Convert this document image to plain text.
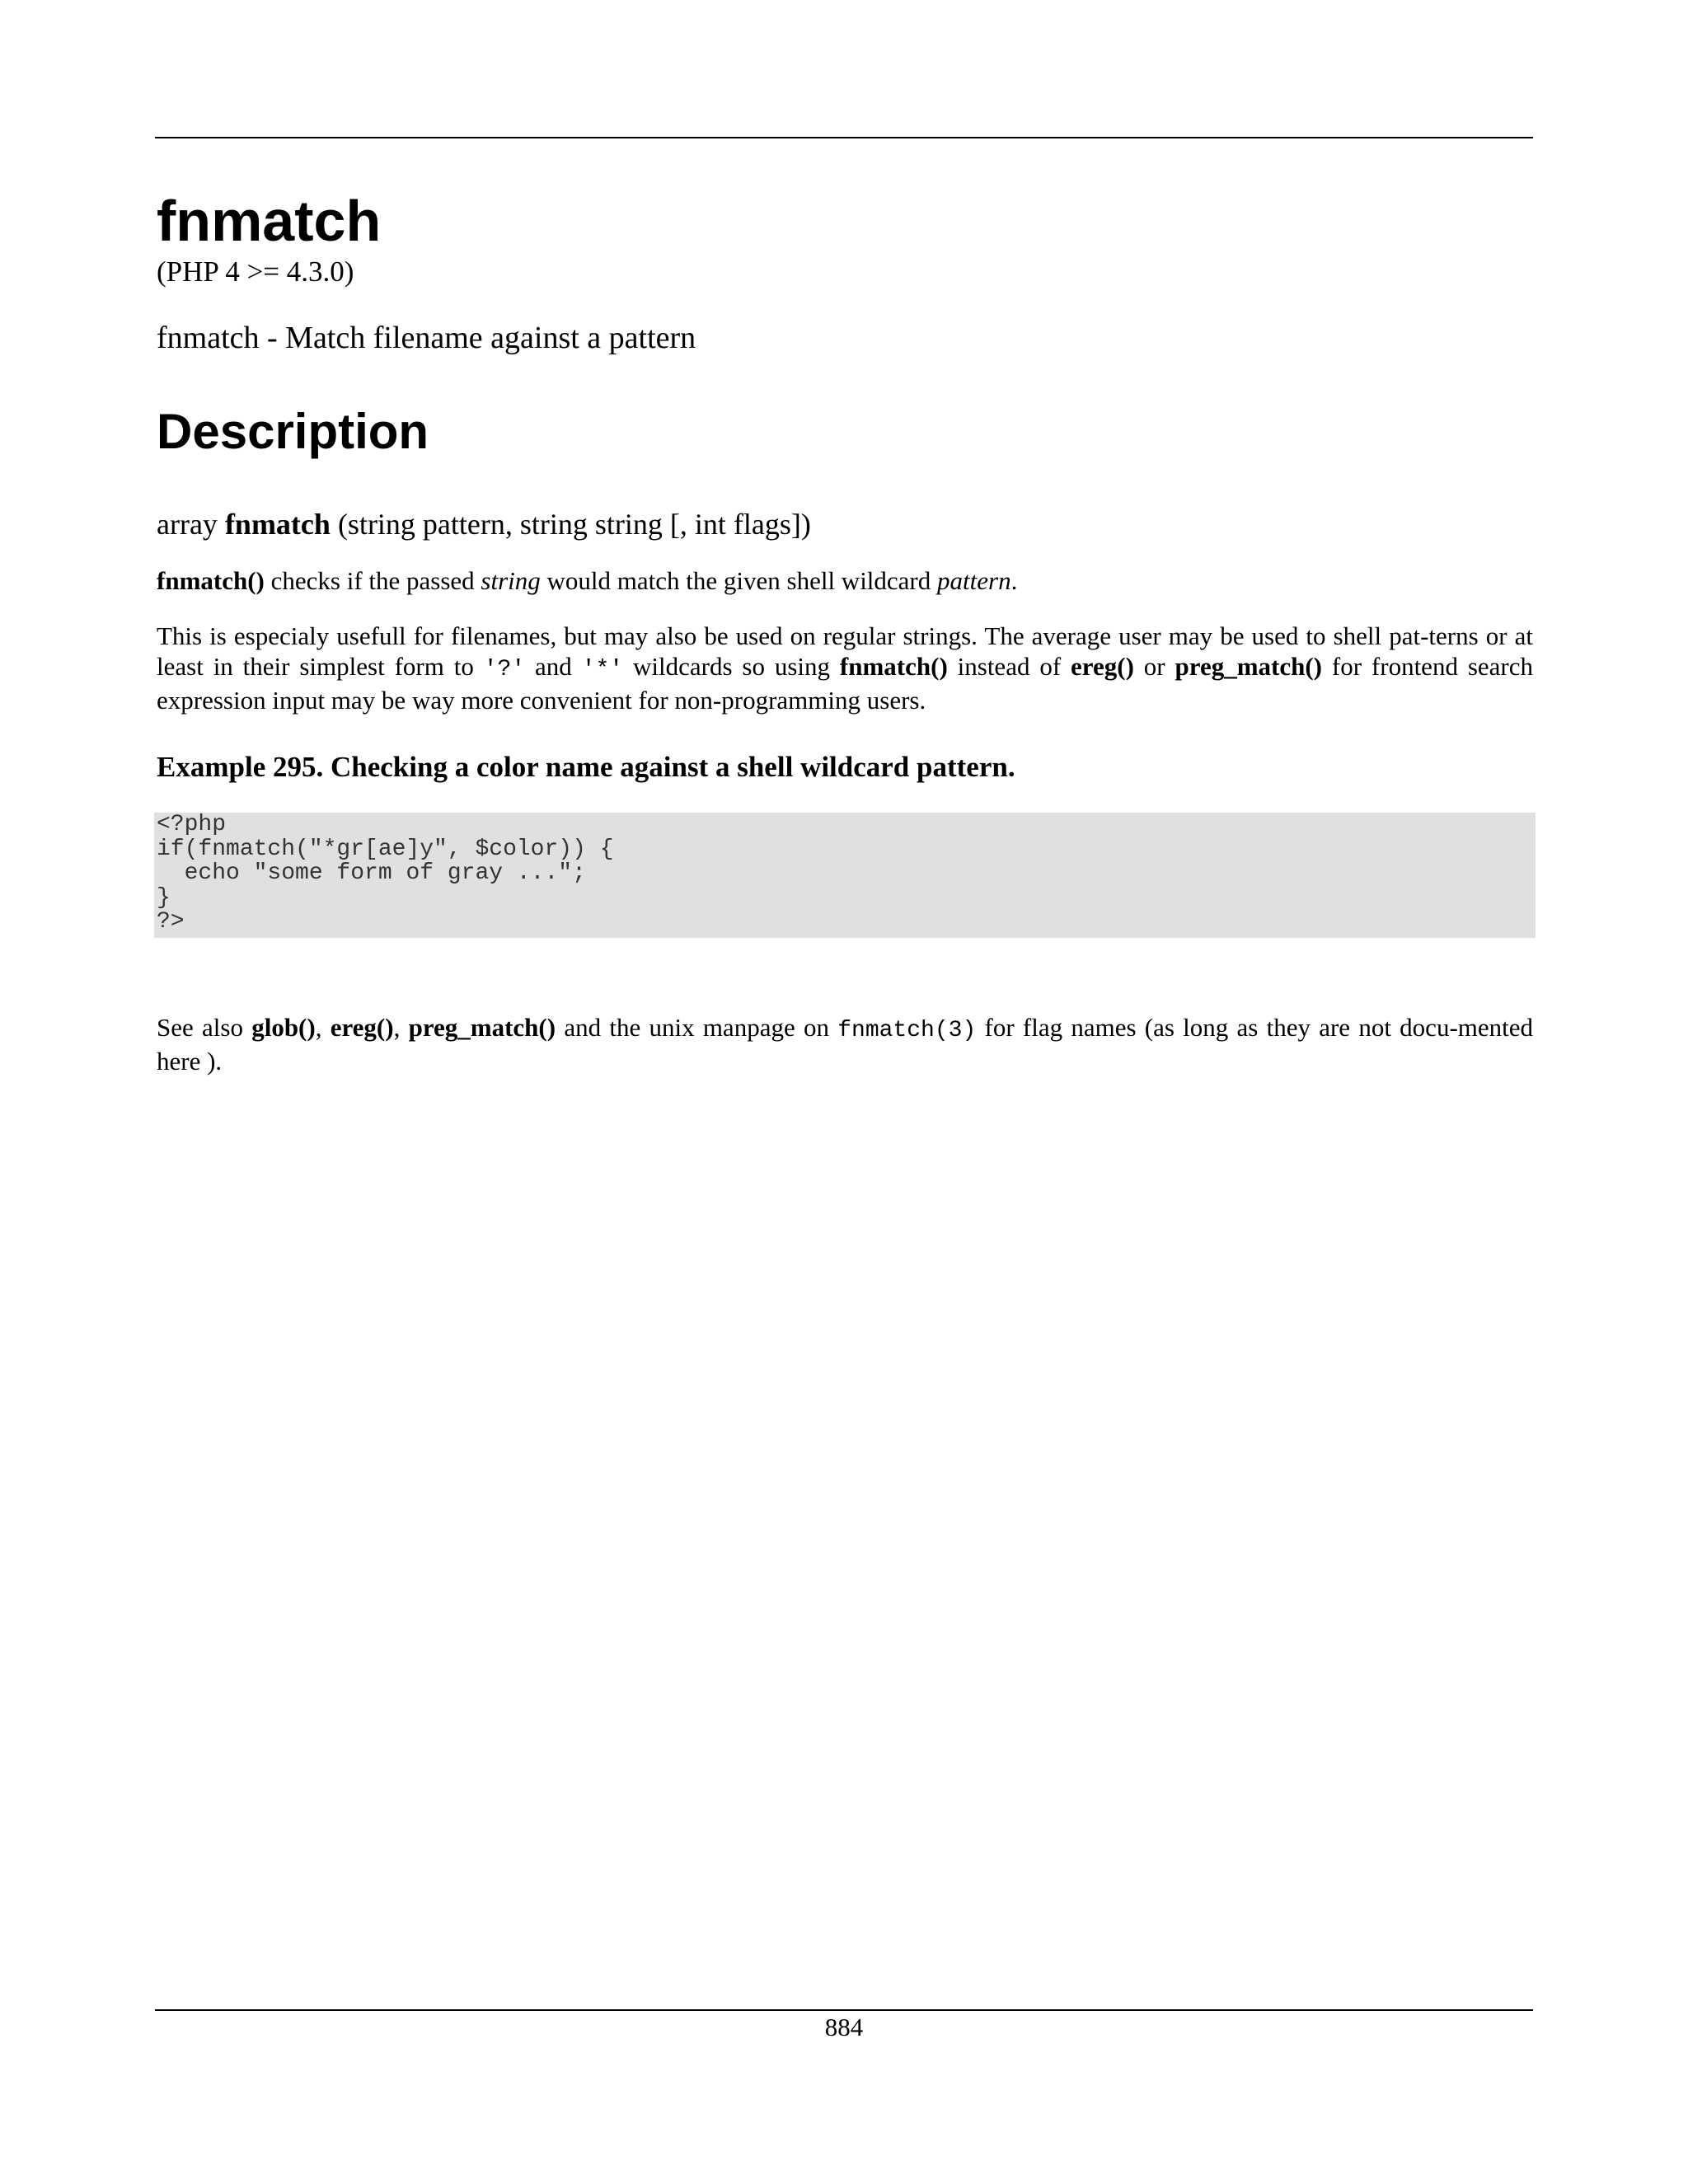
fnmatch
(PHP 4 >= 4.3.0)
fnmatch - Match filename against a pattern
Description
array fnmatch (string pattern, string string [, int flags])

fnmatch() checks if the passed string would match the given shell wildcard pattern.

This is especialy usefull for filenames, but may also be used on regular strings. The average user may be used to shell pat-terns or at least in their simplest form to '?' and '*' wildcards so using fnmatch() instead of ereg() or preg_match() for frontend search expression input may be way more convenient for non-programming users.

Example 295. Checking a color name against a shell wildcard pattern.
<?php
if(fnmatch("*gr[ae]y", $color)) {
echo "some form of gray ...";
}
?>

See also glob(), ereg(), preg_match() and the unix manpage on fnmatch(3) for flag names (as long as they are not docu-mented here ).

884
